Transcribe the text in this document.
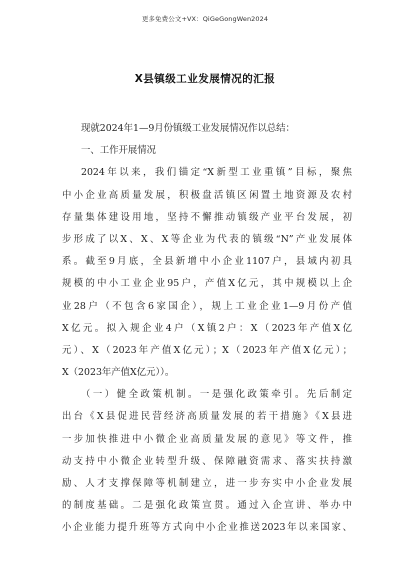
更多免费公文+VX：QiGeGongWen2024
X县镇级工业发展情况的汇报
现就2024年1—9月份镇级工业发展情况作以总结：
一、工作开展情况
2024年以来，我们锚定“X新型工业重镇”目标，聚焦
中小企业高质量发展，积极盘活镇区闲置土地资源及农村
存量集体建设用地，坚持不懈推动镇级产业平台发展，初
步形成了以X、X、X等企业为代表的镇级“N”产业发展体
系。截至9月底，全县新增中小企业1107户，县域内初具
规模的中小工业企业95户，产值X亿元，其中规模以上企
业28户（不包含6家国企），规上工业企业1—9月份产值
X亿元。拟入规企业4户（X镇2户：X（2023年产值X亿
元）、X（2023年产值X亿元）；X（2023年产值X亿元）；
X（2023年产值X亿元））。
（一）健全政策机制。一是强化政策牵引。先后制定
出台《X县促进民营经济高质量发展的若干措施》《X县进
一步加快推进中小微企业高质量发展的意见》等文件，推
动支持中小微企业转型升级、保障融资需求、落实扶持激
励、人才支撑保障等机制建立，进一步夯实中小企业发展
的制度基础。二是强化政策宣贯。通过入企宣讲、举办中
小企业能力提升班等方式向中小企业推送2023年以来国家、
